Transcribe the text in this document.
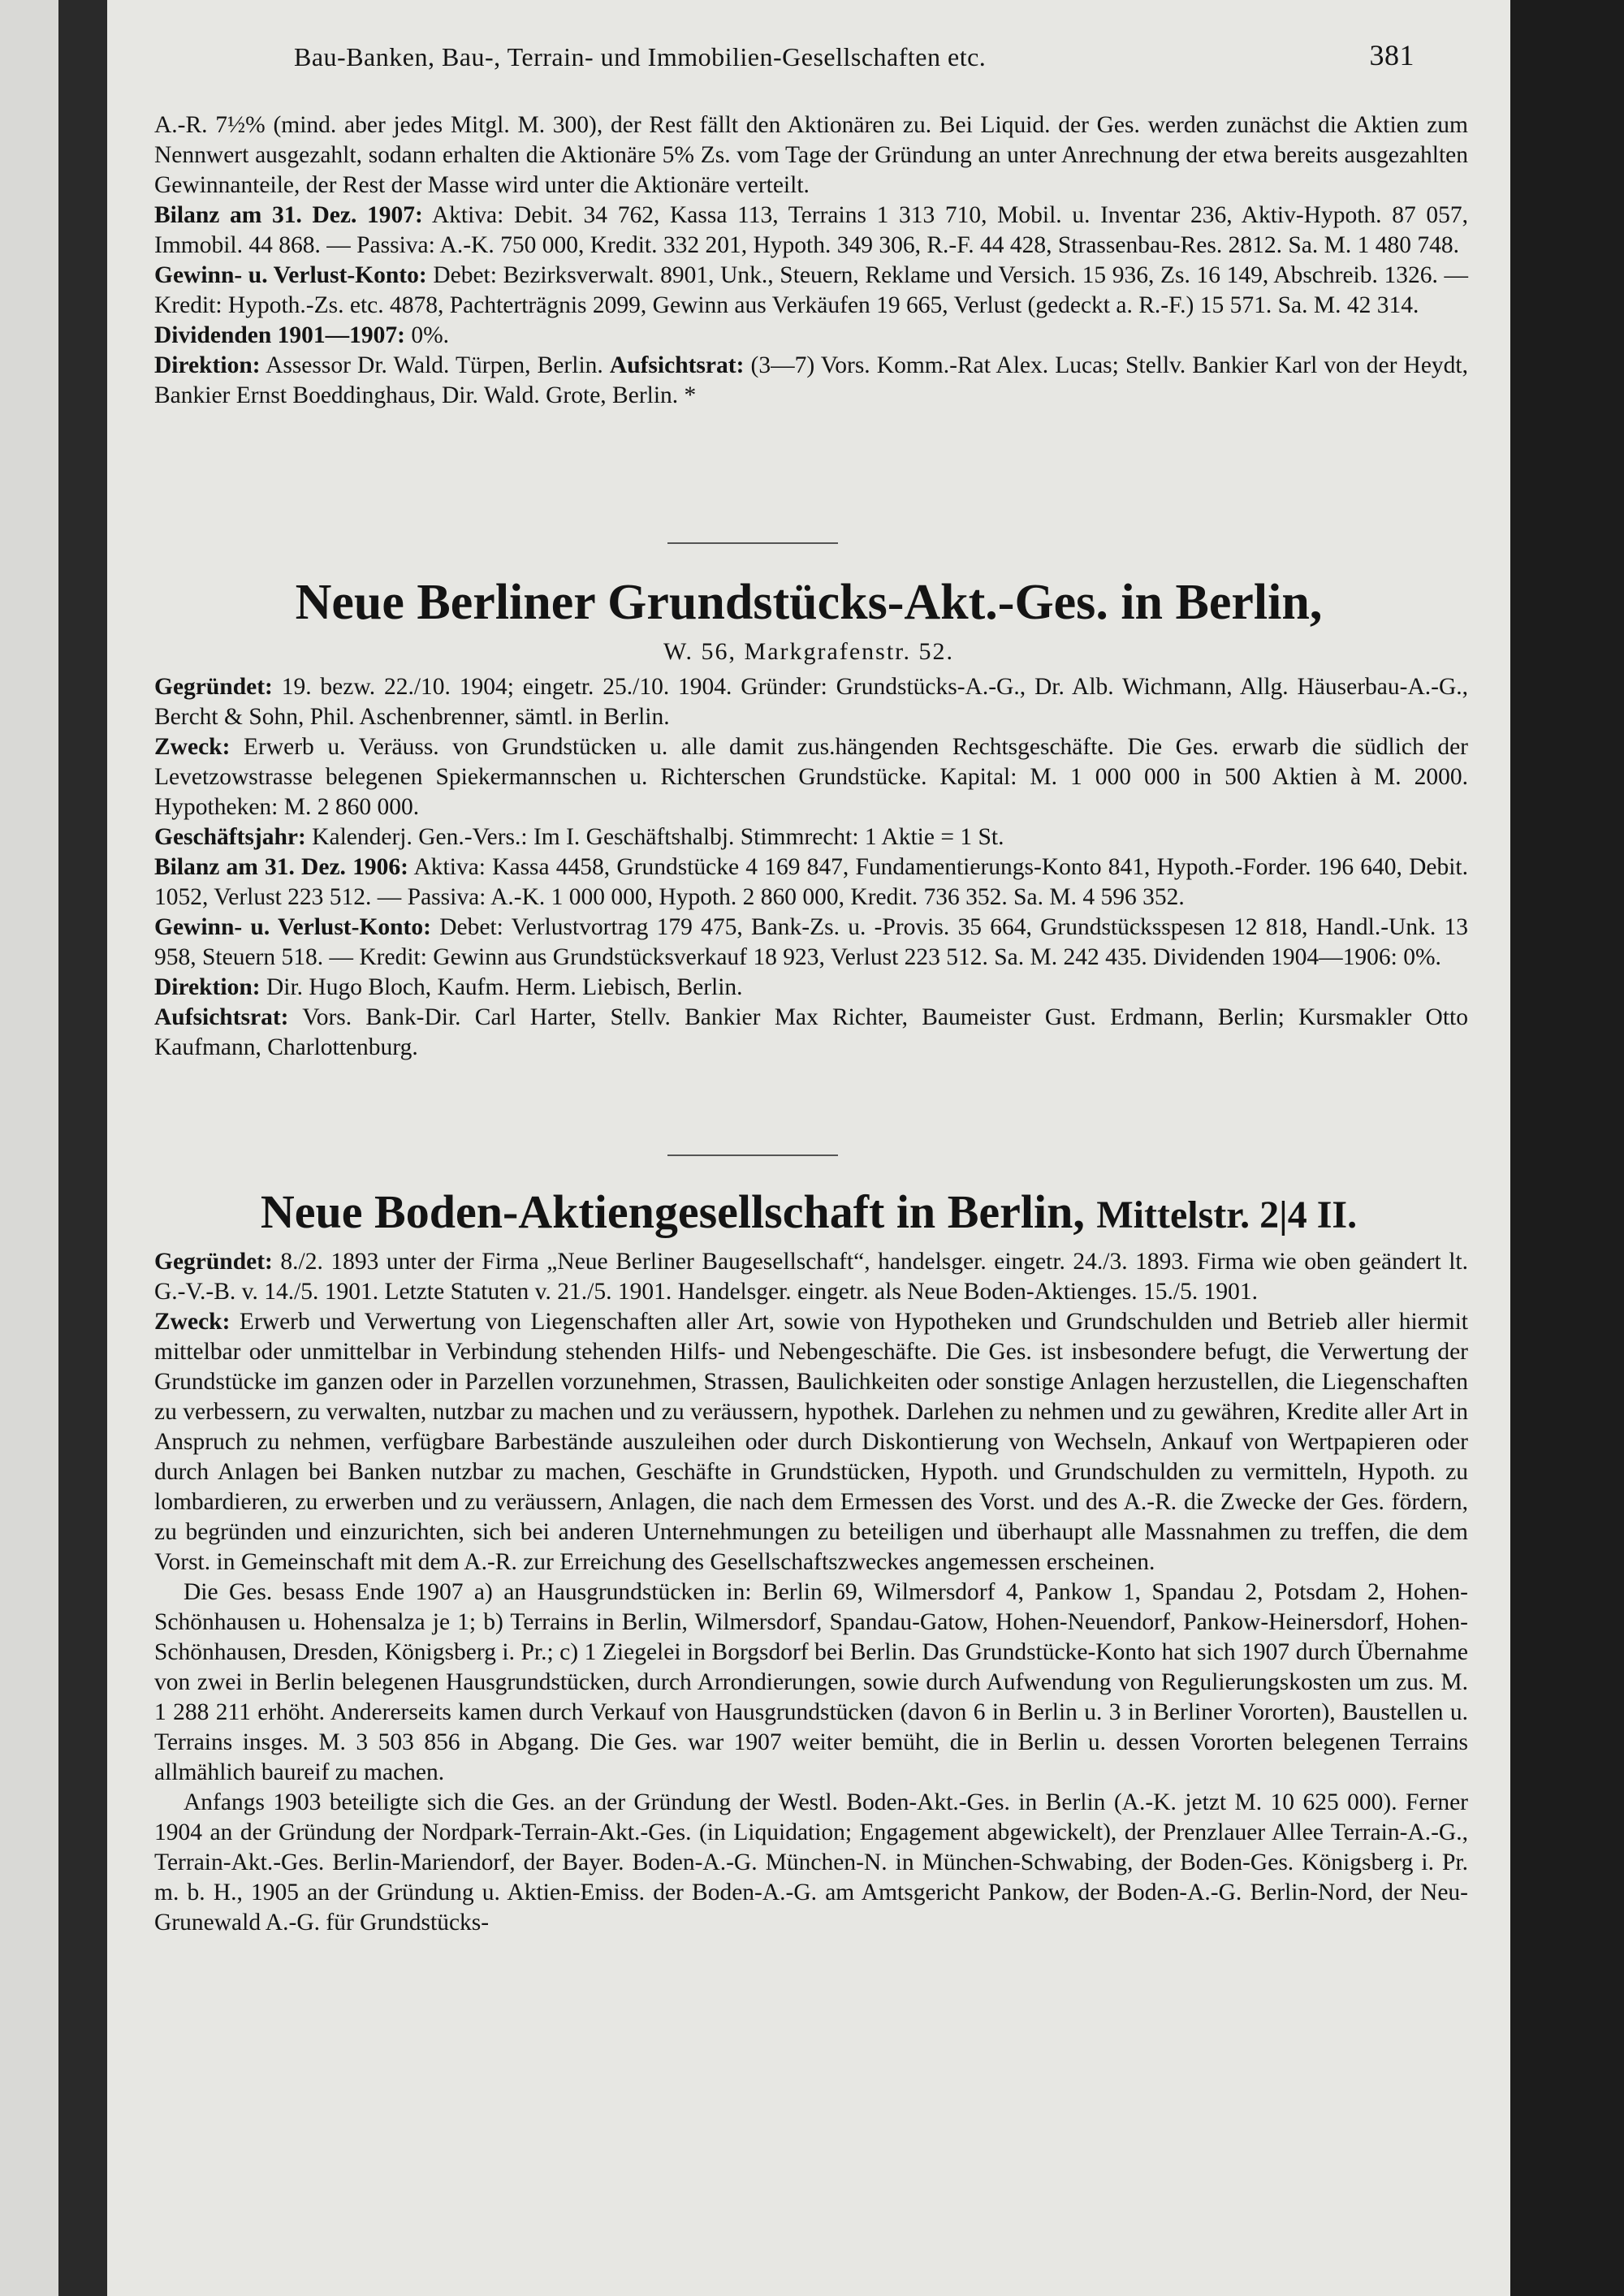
Bau-Banken, Bau-, Terrain- und Immobilien-Gesellschaften etc.	381

A.-R. 7½% (mind. aber jedes Mitgl. M. 300), der Rest fällt den Aktionären zu. Bei Liquid. der Ges. werden zunächst die Aktien zum Nennwert ausgezahlt, sodann erhalten die Aktionäre 5% Zs. vom Tage der Gründung an unter Anrechnung der etwa bereits ausgezahlten Gewinnanteile, der Rest der Masse wird unter die Aktionäre verteilt.

Bilanz am 31. Dez. 1907: Aktiva: Debit. 34 762, Kassa 113, Terrains 1 313 710, Mobil. u. Inventar 236, Aktiv-Hypoth. 87 057, Immobil. 44 868. — Passiva: A.-K. 750 000, Kredit. 332 201, Hypoth. 349 306, R.-F. 44 428, Strassenbau-Res. 2812. Sa. M. 1 480 748.

Gewinn- u. Verlust-Konto: Debet: Bezirksverwalt. 8901, Unk., Steuern, Reklame und Versich. 15 936, Zs. 16 149, Abschreib. 1326. — Kredit: Hypoth.-Zs. etc. 4878, Pachterträgnis 2099, Gewinn aus Verkäufen 19 665, Verlust (gedeckt a. R.-F.) 15 571. Sa. M. 42 314.

Dividenden 1901—1907: 0%.

Direktion: Assessor Dr. Wald. Türpen, Berlin. Aufsichtsrat: (3—7) Vors. Komm.-Rat Alex. Lucas; Stellv. Bankier Karl von der Heydt, Bankier Ernst Boeddinghaus, Dir. Wald. Grote, Berlin. *

Neue Berliner Grundstücks-Akt.-Ges. in Berlin,
W. 56, Markgrafenstr. 52.

Gegründet: 19. bezw. 22./10. 1904; eingetr. 25./10. 1904. Gründer: Grundstücks-A.-G., Dr. Alb. Wichmann, Allg. Häuserbau-A.-G., Bercht & Sohn, Phil. Aschenbrenner, sämtl. in Berlin.

Zweck: Erwerb u. Veräuss. von Grundstücken u. alle damit zus.hängenden Rechtsgeschäfte. Die Ges. erwarb die südlich der Levetzowstrasse belegenen Spiekermannschen u. Richterschen Grundstücke. Kapital: M. 1 000 000 in 500 Aktien à M. 2000. Hypotheken: M. 2 860 000.

Geschäftsjahr: Kalenderj. Gen.-Vers.: Im I. Geschäftshalbj. Stimmrecht: 1 Aktie = 1 St.

Bilanz am 31. Dez. 1906: Aktiva: Kassa 4458, Grundstücke 4 169 847, Fundamentierungs-Konto 841, Hypoth.-Forder. 196 640, Debit. 1052, Verlust 223 512. — Passiva: A.-K. 1 000 000, Hypoth. 2 860 000, Kredit. 736 352. Sa. M. 4 596 352.

Gewinn- u. Verlust-Konto: Debet: Verlustvortrag 179 475, Bank-Zs. u. -Provis. 35 664, Grundstücksspesen 12 818, Handl.-Unk. 13 958, Steuern 518. — Kredit: Gewinn aus Grundstücksverkauf 18 923, Verlust 223 512. Sa. M. 242 435. Dividenden 1904—1906: 0%.

Direktion: Dir. Hugo Bloch, Kaufm. Herm. Liebisch, Berlin.

Aufsichtsrat: Vors. Bank-Dir. Carl Harter, Stellv. Bankier Max Richter, Baumeister Gust. Erdmann, Berlin; Kursmakler Otto Kaufmann, Charlottenburg.

Neue Boden-Aktiengesellschaft in Berlin, Mittelstr. 2|4 II.

Gegründet: 8./2. 1893 unter der Firma „Neue Berliner Baugesellschaft“, handelsger. eingetr. 24./3. 1893. Firma wie oben geändert lt. G.-V.-B. v. 14./5. 1901. Letzte Statuten v. 21./5. 1901. Handelsger. eingetr. als Neue Boden-Aktienges. 15./5. 1901.

Zweck: Erwerb und Verwertung von Liegenschaften aller Art, sowie von Hypotheken und Grundschulden und Betrieb aller hiermit mittelbar oder unmittelbar in Verbindung stehenden Hilfs- und Nebengeschäfte. Die Ges. ist insbesondere befugt, die Verwertung der Grundstücke im ganzen oder in Parzellen vorzunehmen, Strassen, Baulichkeiten oder sonstige Anlagen herzustellen, die Liegenschaften zu verbessern, zu verwalten, nutzbar zu machen und zu veräussern, hypothek. Darlehen zu nehmen und zu gewähren, Kredite aller Art in Anspruch zu nehmen, verfügbare Barbestände auszuleihen oder durch Diskontierung von Wechseln, Ankauf von Wertpapieren oder durch Anlagen bei Banken nutzbar zu machen, Geschäfte in Grundstücken, Hypoth. und Grundschulden zu vermitteln, Hypoth. zu lombardieren, zu erwerben und zu veräussern, Anlagen, die nach dem Ermessen des Vorst. und des A.-R. die Zwecke der Ges. fördern, zu begründen und einzurichten, sich bei anderen Unternehmungen zu beteiligen und überhaupt alle Massnahmen zu treffen, die dem Vorst. in Gemeinschaft mit dem A.-R. zur Erreichung des Gesellschaftszweckes angemessen erscheinen.

Die Ges. besass Ende 1907 a) an Hausgrundstücken in: Berlin 69, Wilmersdorf 4, Pankow 1, Spandau 2, Potsdam 2, Hohen-Schönhausen u. Hohensalza je 1; b) Terrains in Berlin, Wilmersdorf, Spandau-Gatow, Hohen-Neuendorf, Pankow-Heinersdorf, Hohen-Schönhausen, Dresden, Königsberg i. Pr.; c) 1 Ziegelei in Borgsdorf bei Berlin. Das Grundstücke-Konto hat sich 1907 durch Übernahme von zwei in Berlin belegenen Hausgrundstücken, durch Arrondierungen, sowie durch Aufwendung von Regulierungskosten um zus. M. 1 288 211 erhöht. Andererseits kamen durch Verkauf von Hausgrundstücken (davon 6 in Berlin u. 3 in Berliner Vororten), Baustellen u. Terrains insges. M. 3 503 856 in Abgang. Die Ges. war 1907 weiter bemüht, die in Berlin u. dessen Vororten belegenen Terrains allmählich baureif zu machen.

Anfangs 1903 beteiligte sich die Ges. an der Gründung der Westl. Boden-Akt.-Ges. in Berlin (A.-K. jetzt M. 10 625 000). Ferner 1904 an der Gründung der Nordpark-Terrain-Akt.-Ges. (in Liquidation; Engagement abgewickelt), der Prenzlauer Allee Terrain-A.-G., Terrain-Akt.-Ges. Berlin-Mariendorf, der Bayer. Boden-A.-G. München-N. in München-Schwabing, der Boden-Ges. Königsberg i. Pr. m. b. H., 1905 an der Gründung u. Aktien-Emiss. der Boden-A.-G. am Amtsgericht Pankow, der Boden-A.-G. Berlin-Nord, der Neu-Grunewald A.-G. für Grundstücks-
